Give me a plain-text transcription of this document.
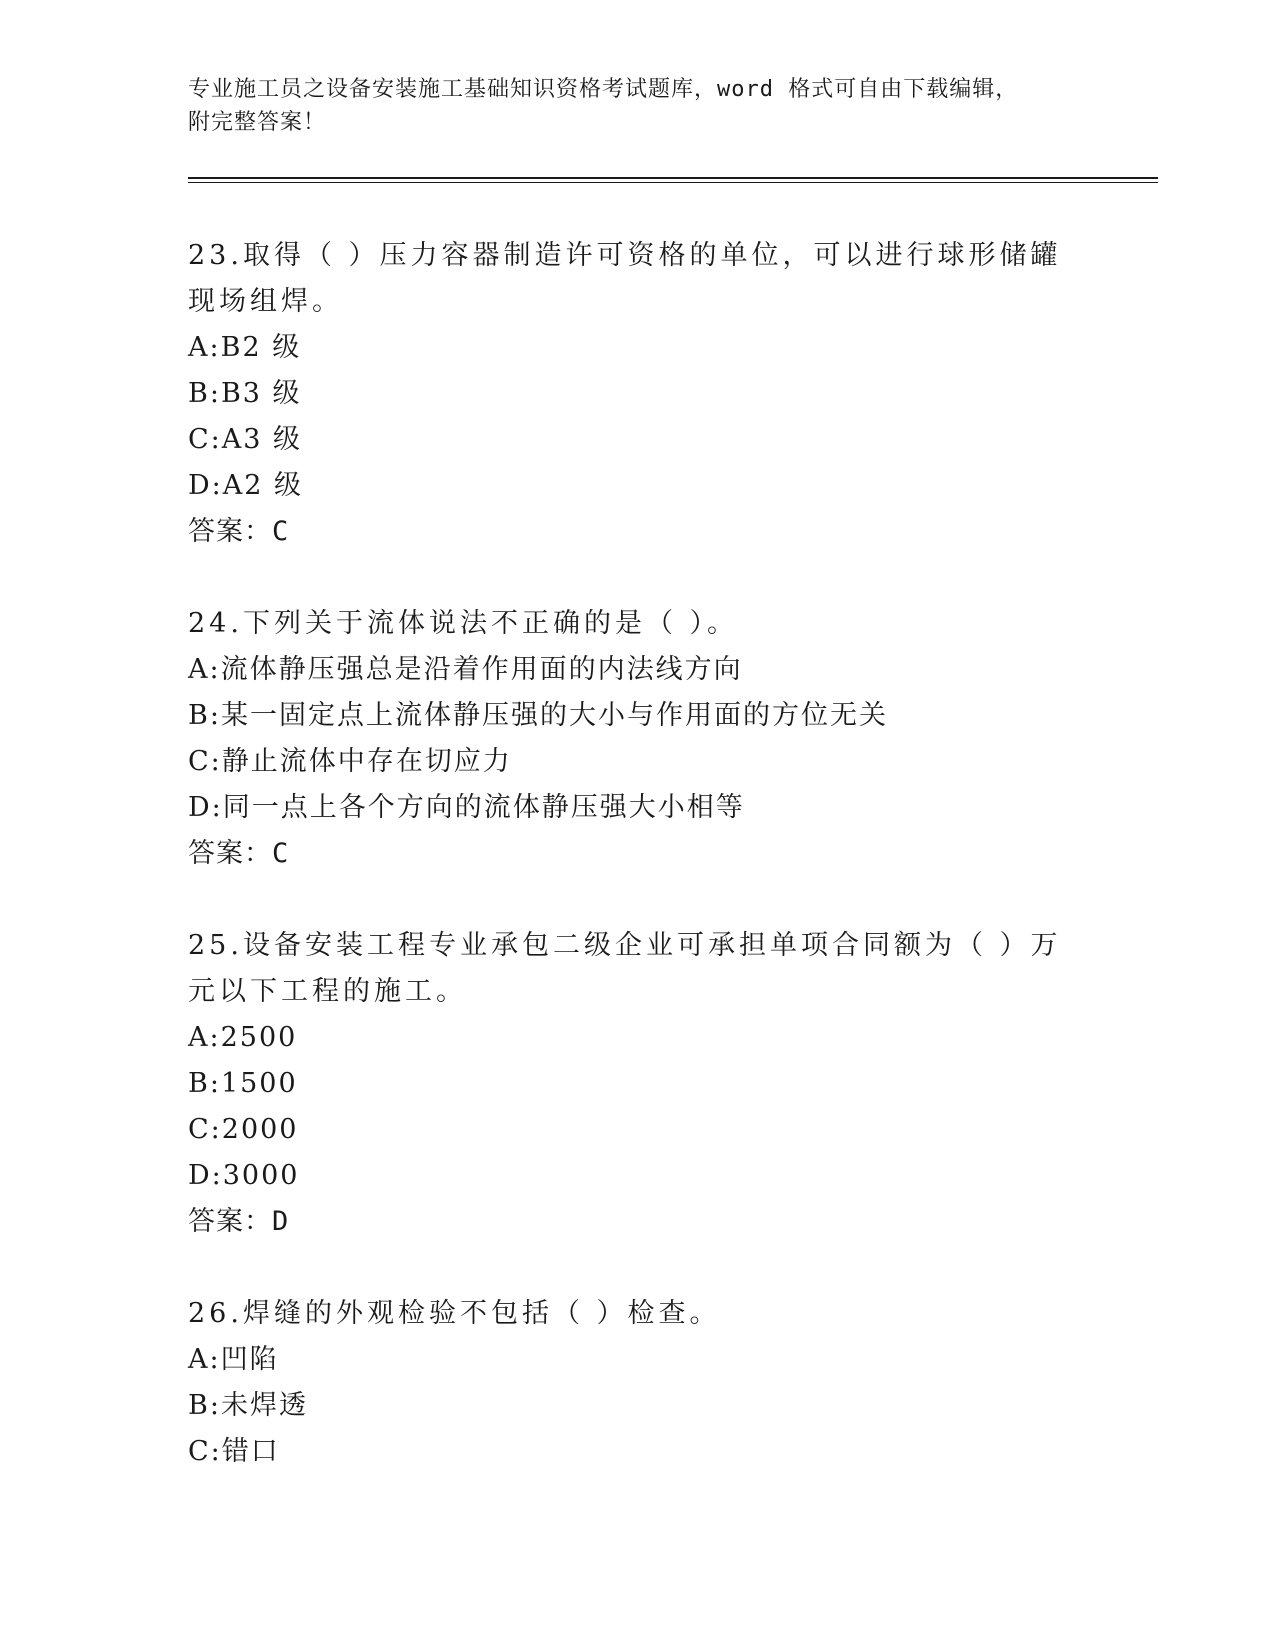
专业施工员之设备安装施工基础知识资格考试题库，word 格式可自由下载编辑，
附完整答案！

23.取得（ ）压力容器制造许可资格的单位，可以进行球形储罐现场组焊。

A: B2 级

B: B3 级

C: A3 级

D: A2 级

答案：C

24.下列关于流体说法不正确的是（ ）。

A: 流体静压强总是沿着作用面的内法线方向

B: 某一固定点上流体静压强的大小与作用面的方位无关

C: 静止流体中存在切应力

D: 同一点上各个方向的流体静压强大小相等

答案：C

25.设备安装工程专业承包二级企业可承担单项合同额为（ ）万元以下工程的施工。

A: 2500

B: 1500

C: 2000

D: 3000

答案：D

26.焊缝的外观检验不包括（ ）检查。

A: 凹陷

B: 未焊透

C: 错口
